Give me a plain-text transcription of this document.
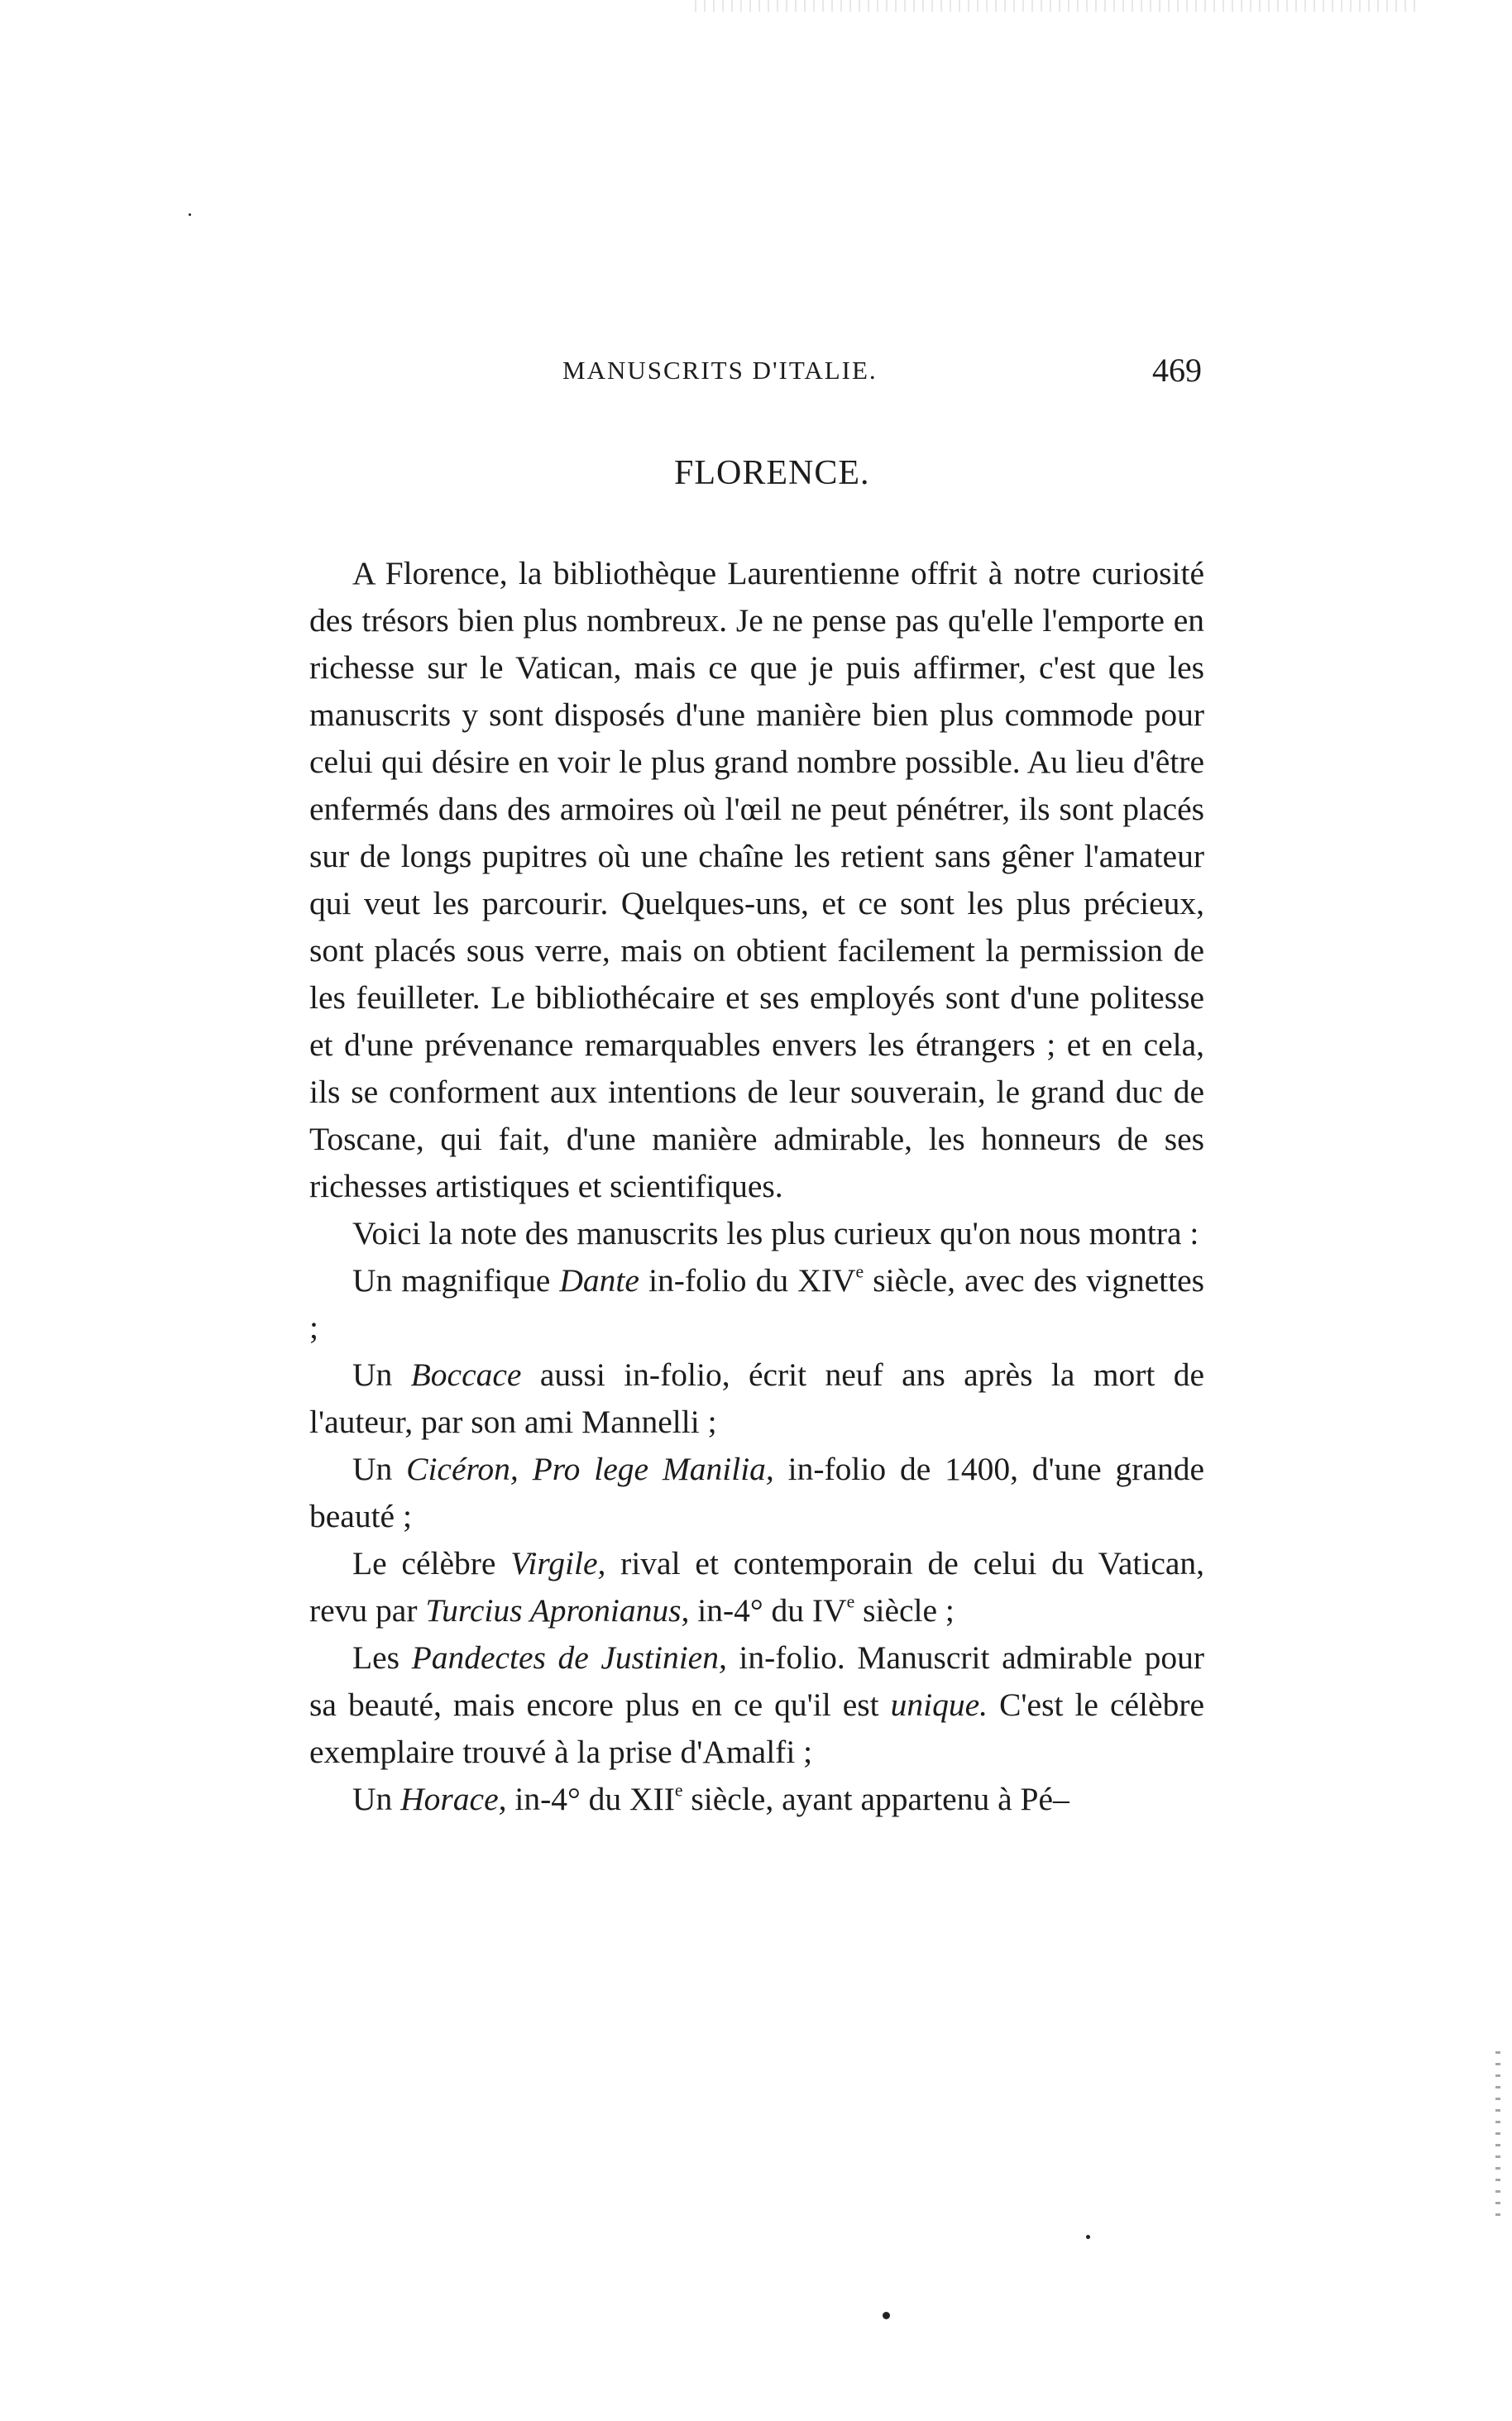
MANUSCRITS D'ITALIE.	469
FLORENCE.

A Florence, la bibliothèque Laurentienne offrit à notre curiosité des trésors bien plus nombreux. Je ne pense pas qu'elle l'emporte en richesse sur le Vatican, mais ce que je puis affirmer, c'est que les manuscrits y sont disposés d'une manière bien plus commode pour celui qui désire en voir le plus grand nombre possible. Au lieu d'être enfermés dans des armoires où l'œil ne peut pénétrer, ils sont placés sur de longs pupitres où une chaîne les retient sans gêner l'amateur qui veut les parcourir. Quelques-uns, et ce sont les plus précieux, sont placés sous verre, mais on obtient facilement la permission de les feuilleter. Le bibliothécaire et ses employés sont d'une politesse et d'une prévenance remarquables envers les étrangers ; et en cela, ils se conforment aux intentions de leur souverain, le grand duc de Toscane, qui fait, d'une manière admirable, les honneurs de ses richesses artistiques et scientifiques.

Voici la note des manuscrits les plus curieux qu'on nous montra :

Un magnifique Dante in-folio du XIVe siècle, avec des vignettes ;

Un Boccace aussi in-folio, écrit neuf ans après la mort de l'auteur, par son ami Mannelli ;

Un Cicéron, Pro lege Manilia, in-folio de 1400, d'une grande beauté ;

Le célèbre Virgile, rival et contemporain de celui du Vatican, revu par Turcius Apronianus, in-4° du IVe siècle ;

Les Pandectes de Justinien, in-folio. Manuscrit admirable pour sa beauté, mais encore plus en ce qu'il est unique. C'est le célèbre exemplaire trouvé à la prise d'Amalfi ;

Un Horace, in-4° du XIIe siècle, ayant appartenu à Pé–
